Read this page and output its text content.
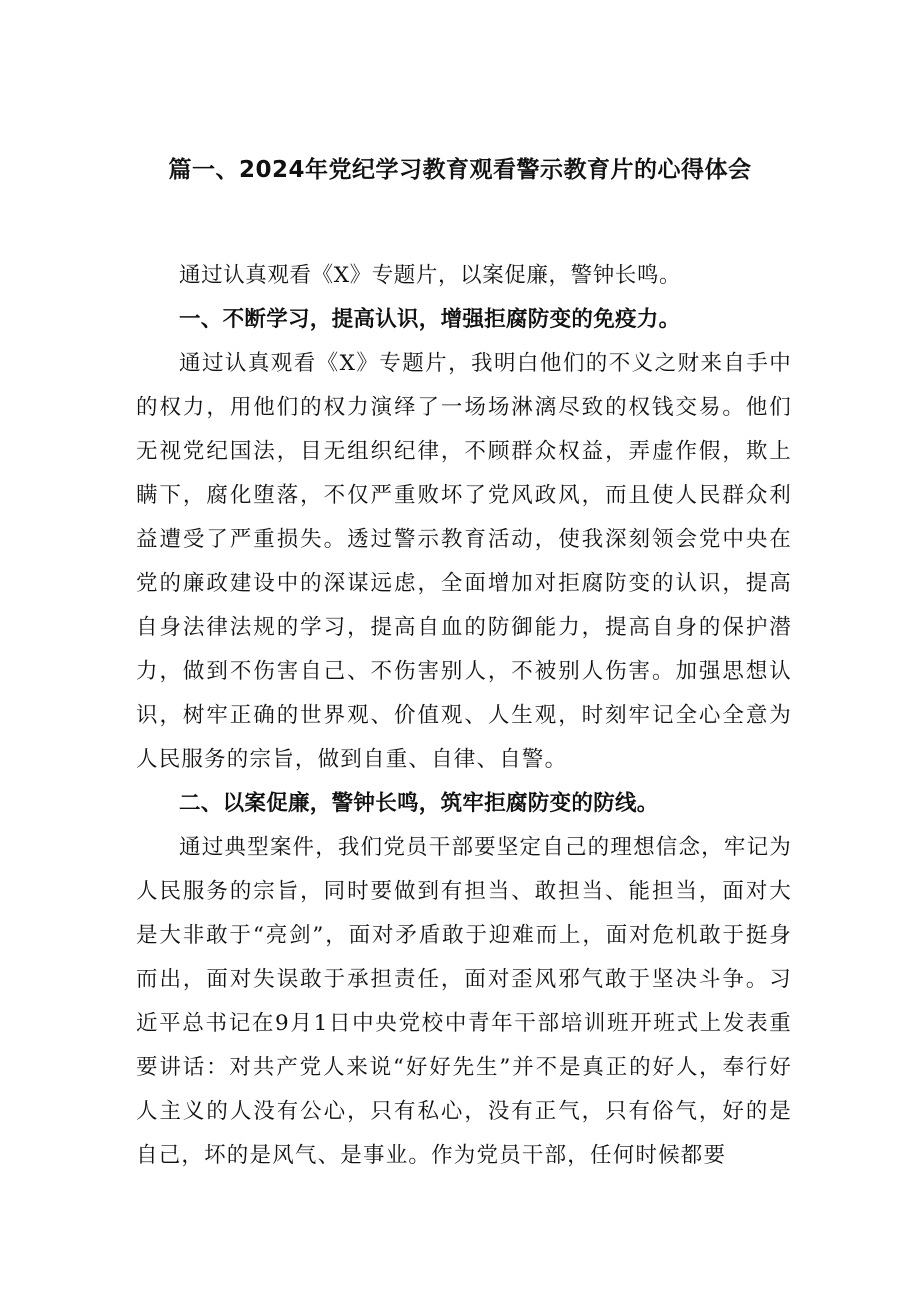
篇一、2024年党纪学习教育观看警示教育片的心得体会

通过认真观看《X》专题片，以案促廉，警钟长鸣。

一、不断学习，提高认识，增强拒腐防变的免疫力。

通过认真观看《X》专题片，我明白他们的不义之财来自手中的权力，用他们的权力演绎了一场场淋漓尽致的权钱交易。他们无视党纪国法，目无组织纪律，不顾群众权益，弄虚作假，欺上瞒下，腐化堕落，不仅严重败坏了党风政风，而且使人民群众利益遭受了严重损失。透过警示教育活动，使我深刻领会党中央在党的廉政建设中的深谋远虑，全面增加对拒腐防变的认识，提高自身法律法规的学习，提高自血的防御能力，提高自身的保护潜力，做到不伤害自己、不伤害别人，不被别人伤害。加强思想认识，树牢正确的世界观、价值观、人生观，时刻牢记全心全意为人民服务的宗旨，做到自重、自律、自警。

二、以案促廉，警钟长鸣，筑牢拒腐防变的防线。

通过典型案件，我们党员干部要坚定自己的理想信念，牢记为人民服务的宗旨，同时要做到有担当、敢担当、能担当，面对大是大非敢于“亮剑”，面对矛盾敢于迎难而上，面对危机敢于挺身而出，面对失误敢于承担责任，面对歪风邪气敢于坚决斗争。习近平总书记在9月1日中央党校中青年干部培训班开班式上发表重要讲话：对共产党人来说“好好先生”并不是真正的好人，奉行好人主义的人没有公心，只有私心，没有正气，只有俗气，好的是自己，坏的是风气、是事业。作为党员干部，任何时候都要
